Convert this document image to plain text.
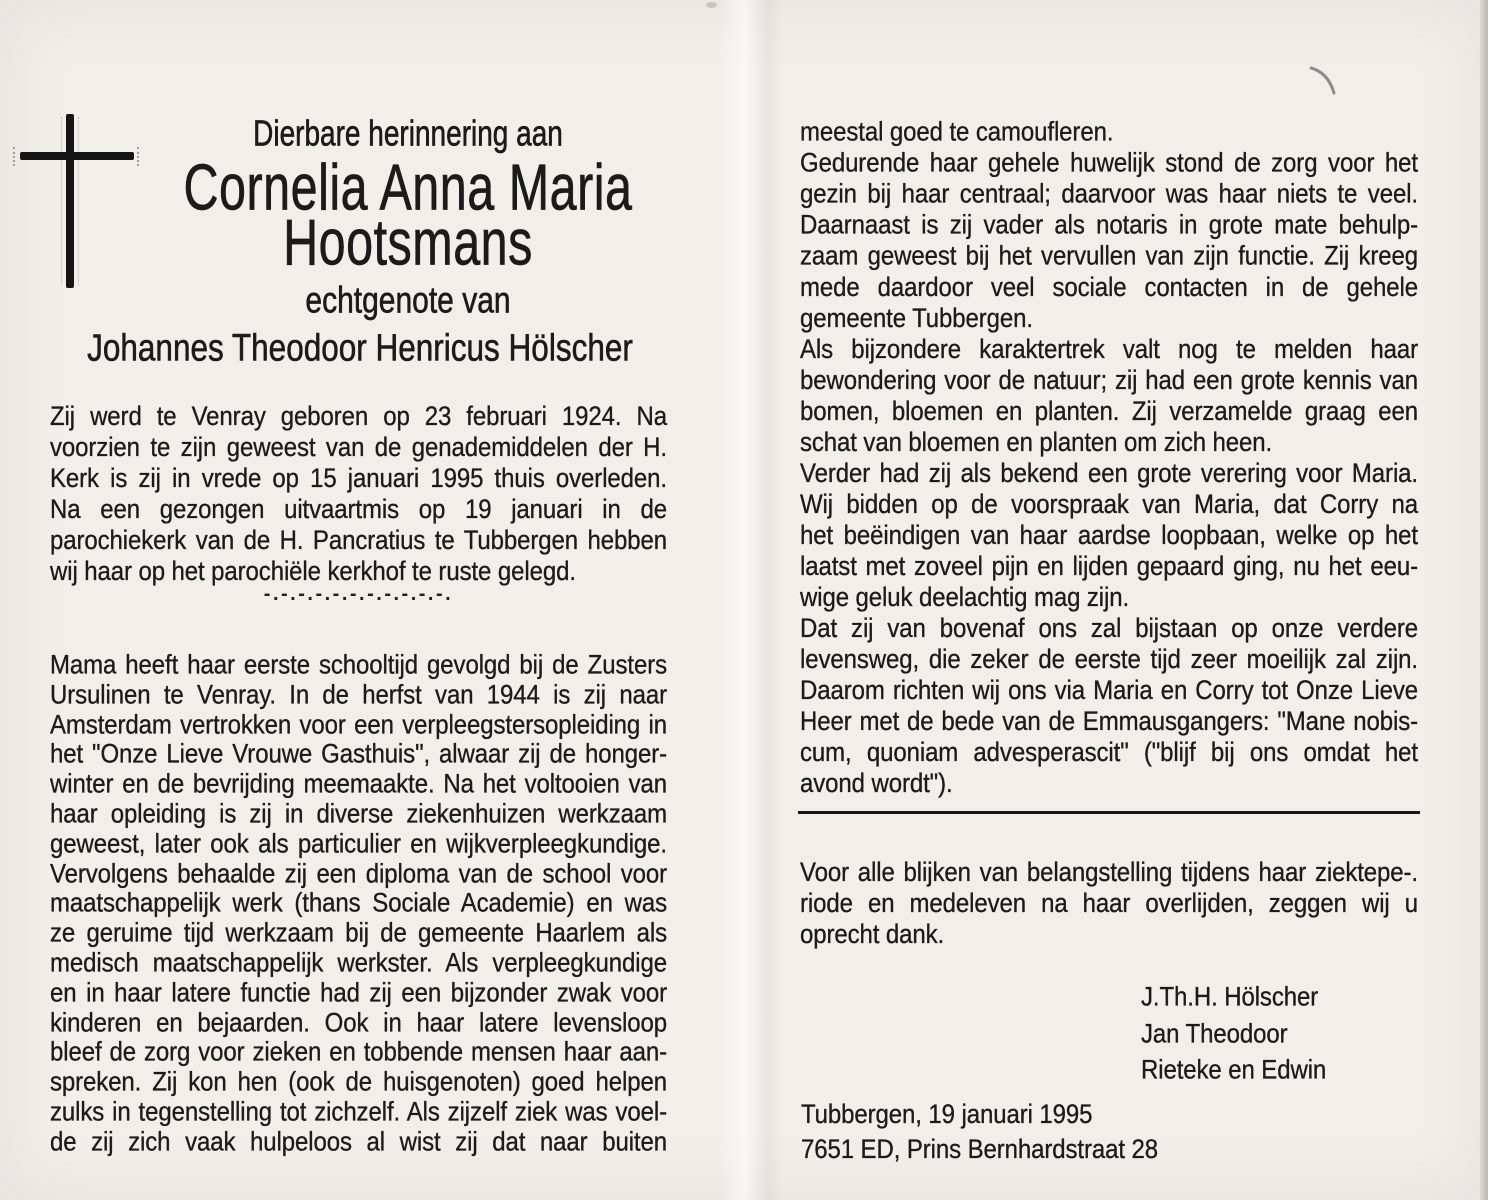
Dierbare herinnering aan
Cornelia Anna Maria
Hootsmans
echtgenote van
Johannes Theodoor Henricus Hölscher
Zij werd te Venray geboren op 23 februari 1924. Na
voorzien te zijn geweest van de genademiddelen der H.
Kerk is zij in vrede op 15 januari 1995 thuis overleden.
Na een gezongen uitvaartmis op 19 januari in de
parochiekerk van de H. Pancratius te Tubbergen hebben
wij haar op het parochiële kerkhof te ruste gelegd.
-.-.-.-.-.-.-.-.-.-.-.
Mama heeft haar eerste schooltijd gevolgd bij de Zusters
Ursulinen te Venray. In de herfst van 1944 is zij naar
Amsterdam vertrokken voor een verpleegstersopleiding in
het "Onze Lieve Vrouwe Gasthuis", alwaar zij de honger-
winter en de bevrijding meemaakte. Na het voltooien van
haar opleiding is zij in diverse ziekenhuizen werkzaam
geweest, later ook als particulier en wijkverpleegkundige.
Vervolgens behaalde zij een diploma van de school voor
maatschappelijk werk (thans Sociale Academie) en was
ze geruime tijd werkzaam bij de gemeente Haarlem als
medisch maatschappelijk werkster. Als verpleegkundige
en in haar latere functie had zij een bijzonder zwak voor
kinderen en bejaarden. Ook in haar latere levensloop
bleef de zorg voor zieken en tobbende mensen haar aan-
spreken. Zij kon hen (ook de huisgenoten) goed helpen
zulks in tegenstelling tot zichzelf. Als zijzelf ziek was voel-
de zij zich vaak hulpeloos al wist zij dat naar buiten
meestal goed te camoufleren.
Gedurende haar gehele huwelijk stond de zorg voor het
gezin bij haar centraal; daarvoor was haar niets te veel.
Daarnaast is zij vader als notaris in grote mate behulp-
zaam geweest bij het vervullen van zijn functie. Zij kreeg
mede daardoor veel sociale contacten in de gehele
gemeente Tubbergen.
Als bijzondere karaktertrek valt nog te melden haar
bewondering voor de natuur; zij had een grote kennis van
bomen, bloemen en planten. Zij verzamelde graag een
schat van bloemen en planten om zich heen.
Verder had zij als bekend een grote verering voor Maria.
Wij bidden op de voorspraak van Maria, dat Corry na
het beëindigen van haar aardse loopbaan, welke op het
laatst met zoveel pijn en lijden gepaard ging, nu het eeu-
wige geluk deelachtig mag zijn.
Dat zij van bovenaf ons zal bijstaan op onze verdere
levensweg, die zeker de eerste tijd zeer moeilijk zal zijn.
Daarom richten wij ons via Maria en Corry tot Onze Lieve
Heer met de bede van de Emmausgangers: "Mane nobis-
cum, quoniam advesperascit" ("blijf bij ons omdat het
avond wordt").
Voor alle blijken van belangstelling tijdens haar ziektepe-.
riode en medeleven na haar overlijden, zeggen wij u
oprecht dank.
J.Th.H. Hölscher
Jan Theodoor
Rieteke en Edwin
Tubbergen, 19 januari 1995
7651 ED, Prins Bernhardstraat 28
